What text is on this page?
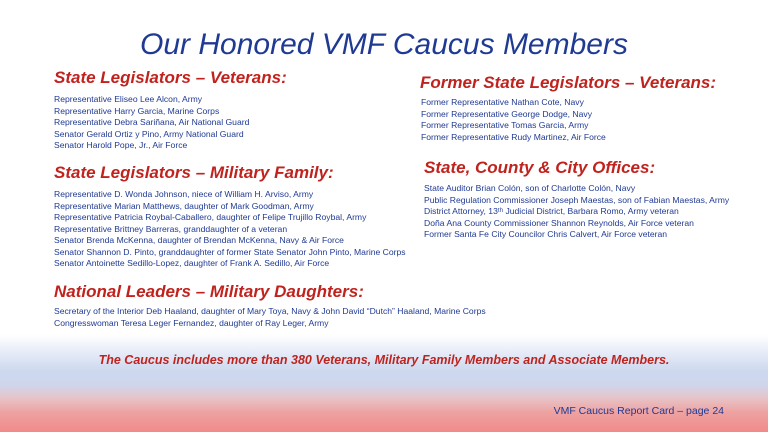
Our Honored VMF Caucus Members
State Legislators – Veterans:
Representative Eliseo Lee Alcon, Army
Representative Harry Garcia, Marine Corps
Representative Debra Sariñana, Air National Guard
Senator Gerald Ortiz y Pino, Army National Guard
Senator Harold Pope, Jr., Air Force
Former State Legislators – Veterans:
Former Representative Nathan Cote, Navy
Former Representative George Dodge, Navy
Former Representative Tomas Garcia, Army
Former Representative Rudy Martinez, Air Force
State Legislators – Military Family:
Representative D. Wonda Johnson, niece of William H. Arviso, Army
Representative Marian Matthews, daughter of Mark Goodman, Army
Representative Patricia Roybal-Caballero, daughter of Felipe Trujillo Roybal, Army
Representative Brittney Barreras, granddaughter of a veteran
Senator Brenda McKenna, daughter of Brendan McKenna, Navy & Air Force
Senator Shannon D. Pinto, granddaughter of former State Senator John Pinto, Marine Corps
Senator Antoinette Sedillo-Lopez, daughter of Frank A. Sedillo, Air Force
State, County & City Offices:
State Auditor Brian Colón, son of Charlotte Colón, Navy
Public Regulation Commissioner Joseph Maestas, son of Fabian Maestas, Army
District Attorney, 13ᵗʰ Judicial District, Barbara Romo, Army veteran
Doña Ana County Commissioner Shannon Reynolds, Air Force veteran
Former Santa Fe City Councilor Chris Calvert, Air Force veteran
National Leaders – Military Daughters:
Secretary of the Interior Deb Haaland, daughter of Mary Toya, Navy & John David “Dutch” Haaland, Marine Corps
Congresswoman Teresa Leger Fernandez, daughter of Ray Leger, Army
The Caucus includes more than 380 Veterans, Military Family Members and Associate Members.
VMF Caucus Report Card – page 24
